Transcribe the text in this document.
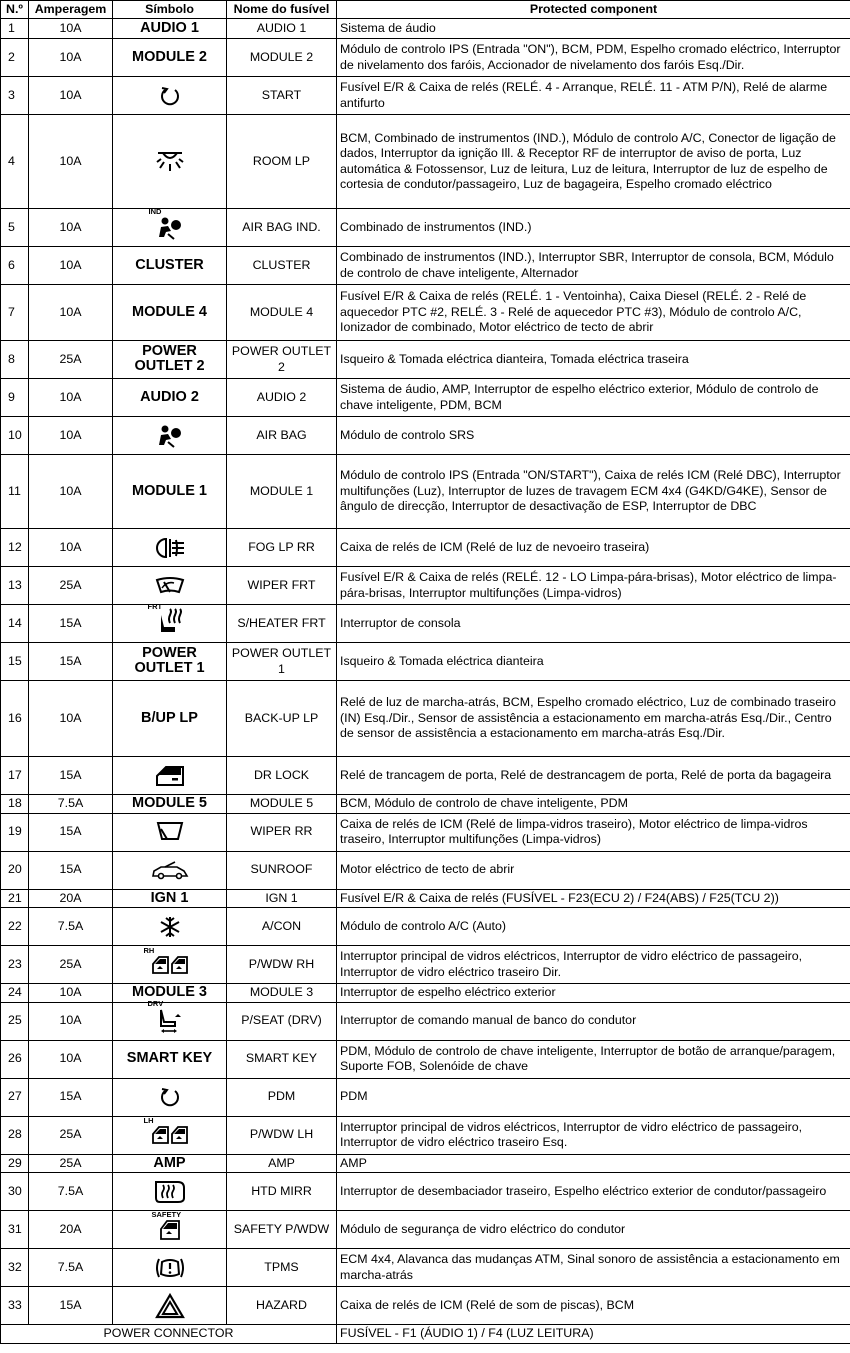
N.º	Amperagem	Símbolo	Nome do fusível	Protected component
1	10A	AUDIO 1	AUDIO 1	Sistema de áudio
2	10A	MODULE 2	MODULE 2	Módulo de controlo IPS (Entrada "ON"), BCM, PDM, Espelho cromado eléctrico, Interruptor de nivelamento dos faróis, Accionador de nivelamento dos faróis Esq./Dir.
3	10A		START	Fusível E/R & Caixa de relés (RELÉ. 4 - Arranque, RELÉ. 11 - ATM P/N), Relé de alarme antifurto
4	10A		ROOM LP	BCM, Combinado de instrumentos (IND.), Módulo de controlo A/C, Conector de ligação de dados, Interruptor da ignição Ill. & Receptor RF de interruptor de aviso de porta, Luz automática & Fotossensor, Luz de leitura, Luz de leitura, Interruptor de luz de espelho de cortesia de condutor/passageiro, Luz de bagageira, Espelho cromado eléctrico
5	10A	IND	AIR BAG IND.	Combinado de instrumentos (IND.)
6	10A	CLUSTER	CLUSTER	Combinado de instrumentos (IND.), Interruptor SBR, Interruptor de consola, BCM, Módulo de controlo de chave inteligente, Alternador
7	10A	MODULE 4	MODULE 4	Fusível E/R & Caixa de relés (RELÉ. 1 - Ventoinha), Caixa Diesel (RELÉ. 2 - Relé de aquecedor PTC #2, RELÉ. 3 - Relé de aquecedor PTC #3), Módulo de controlo A/C, Ionizador de combinado, Motor eléctrico de tecto de abrir
8	25A	POWER OUTLET 2	POWER OUTLET 2	Isqueiro & Tomada eléctrica dianteira, Tomada eléctrica traseira
9	10A	AUDIO 2	AUDIO 2	Sistema de áudio, AMP, Interruptor de espelho eléctrico exterior, Módulo de controlo de chave inteligente, PDM, BCM
10	10A		AIR BAG	Módulo de controlo SRS
11	10A	MODULE 1	MODULE 1	Módulo de controlo IPS (Entrada "ON/START"), Caixa de relés ICM (Relé DBC), Interruptor multifunções (Luz), Interruptor de luzes de travagem ECM 4x4 (G4KD/G4KE), Sensor de ângulo de direcção, Interruptor de desactivação de ESP, Interruptor de DBC
12	10A		FOG LP RR	Caixa de relés de ICM (Relé de luz de nevoeiro traseira)
13	25A		WIPER FRT	Fusível E/R & Caixa de relés (RELÉ. 12 - LO Limpa-pára-brisas), Motor eléctrico de limpa-pára-brisas, Interruptor multifunções (Limpa-vidros)
14	15A	FRT	S/HEATER FRT	Interruptor de consola
15	15A	POWER OUTLET 1	POWER OUTLET 1	Isqueiro & Tomada eléctrica dianteira
16	10A	B/UP LP	BACK-UP LP	Relé de luz de marcha-atrás, BCM, Espelho cromado eléctrico, Luz de combinado traseiro (IN) Esq./Dir., Sensor de assistência a estacionamento em marcha-atrás Esq./Dir., Centro de sensor de assistência a estacionamento em marcha-atrás Esq./Dir.
17	15A		DR LOCK	Relé de trancagem de porta, Relé de destrancagem de porta, Relé de porta da bagageira
18	7.5A	MODULE 5	MODULE 5	BCM, Módulo de controlo de chave inteligente, PDM
19	15A		WIPER RR	Caixa de relés de ICM (Relé de limpa-vidros traseiro), Motor eléctrico de limpa-vidros traseiro, Interruptor multifunções (Limpa-vidros)
20	15A		SUNROOF	Motor eléctrico de tecto de abrir
21	20A	IGN 1	IGN 1	Fusível E/R & Caixa de relés (FUSÍVEL - F23(ECU 2) / F24(ABS) / F25(TCU 2))
22	7.5A		A/CON	Módulo de controlo A/C (Auto)
23	25A	RH	P/WDW RH	Interruptor principal de vidros eléctricos, Interruptor de vidro eléctrico de passageiro, Interruptor de vidro eléctrico traseiro Dir.
24	10A	MODULE 3	MODULE 3	Interruptor de espelho eléctrico exterior
25	10A	DRV	P/SEAT (DRV)	Interruptor de comando manual de banco do condutor
26	10A	SMART KEY	SMART KEY	PDM, Módulo de controlo de chave inteligente, Interruptor de botão de arranque/paragem, Suporte FOB, Solenóide de chave
27	15A		PDM	PDM
28	25A	LH	P/WDW LH	Interruptor principal de vidros eléctricos, Interruptor de vidro eléctrico de passageiro, Interruptor de vidro eléctrico traseiro Esq.
29	25A	AMP	AMP	AMP
30	7.5A		HTD MIRR	Interruptor de desembaciador traseiro, Espelho eléctrico exterior de condutor/passageiro
31	20A	SAFETY	SAFETY P/WDW	Módulo de segurança de vidro eléctrico do condutor
32	7.5A		TPMS	ECM 4x4, Alavanca das mudanças ATM, Sinal sonoro de assistência a estacionamento em marcha-atrás
33	15A		HAZARD	Caixa de relés de ICM (Relé de som de piscas), BCM
POWER CONNECTOR				FUSÍVEL - F1 (ÁUDIO 1) / F4 (LUZ LEITURA)
